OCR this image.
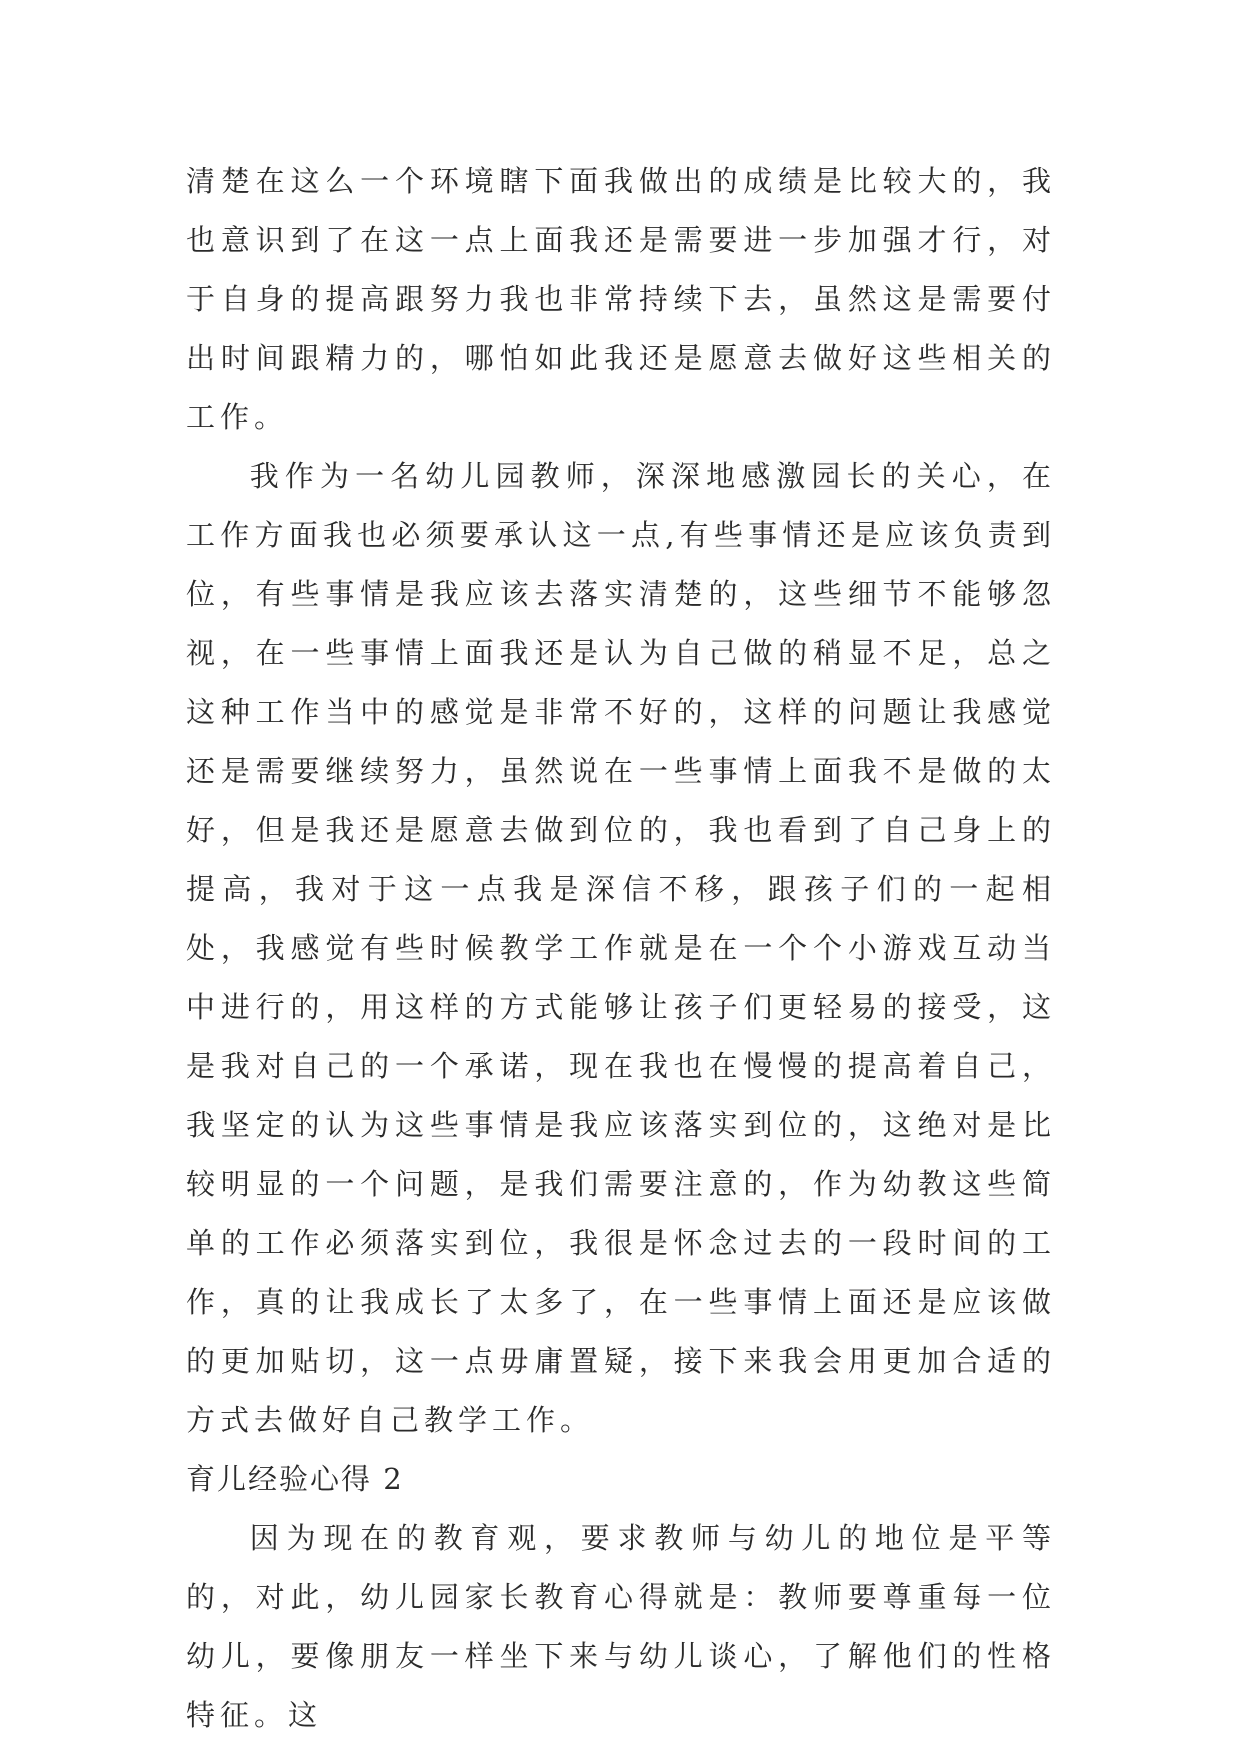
清楚在这么一个环境瞎下面我做出的成绩是比较大的，我也意识到了在这一点上面我还是需要进一步加强才行，对于自身的提高跟努力我也非常持续下去，虽然这是需要付出时间跟精力的，哪怕如此我还是愿意去做好这些相关的工作。

我作为一名幼儿园教师，深深地感激园长的关心，在工作方面我也必须要承认这一点,有些事情还是应该负责到位，有些事情是我应该去落实清楚的，这些细节不能够忽视，在一些事情上面我还是认为自己做的稍显不足，总之这种工作当中的感觉是非常不好的，这样的问题让我感觉还是需要继续努力，虽然说在一些事情上面我不是做的太好，但是我还是愿意去做到位的，我也看到了自己身上的提高，我对于这一点我是深信不移，跟孩子们的一起相处，我感觉有些时候教学工作就是在一个个小游戏互动当中进行的，用这样的方式能够让孩子们更轻易的接受，这是我对自己的一个承诺，现在我也在慢慢的提高着自己，我坚定的认为这些事情是我应该落实到位的，这绝对是比较明显的一个问题，是我们需要注意的，作为幼教这些简单的工作必须落实到位，我很是怀念过去的一段时间的工作，真的让我成长了太多了，在一些事情上面还是应该做的更加贴切，这一点毋庸置疑，接下来我会用更加合适的方式去做好自己教学工作。

育儿经验心得 2

因为现在的教育观，要求教师与幼儿的地位是平等的，对此，幼儿园家长教育心得就是：教师要尊重每一位幼儿，要像朋友一样坐下来与幼儿谈心，了解他们的性格特征。这
